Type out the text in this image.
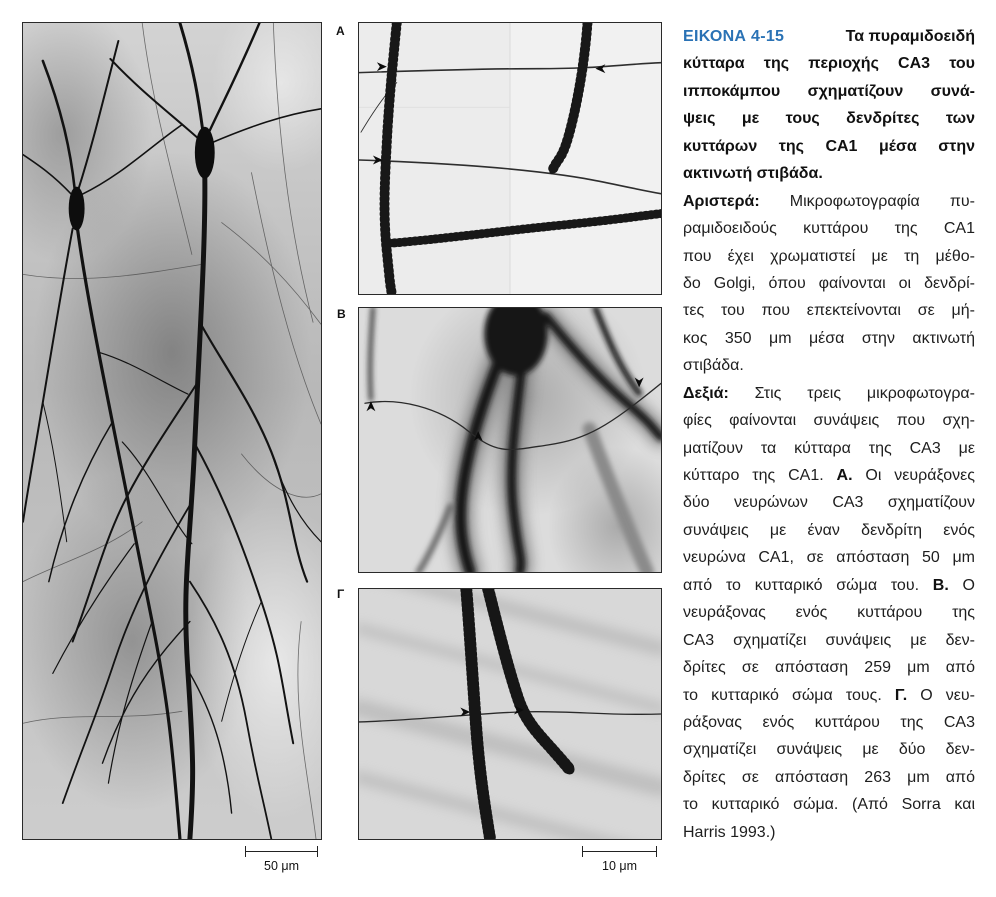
Α
Β
Γ
50 μm	10 μm
ΕΙΚΟΝΑ 4-15	Τα πυραμιδοειδή
κύτταρα της περιοχής CA3 του
ιπποκάμπου σχηματίζουν συνά-
ψεις με τους δενδρίτες των
κυττάρων της CA1 μέσα στην
ακτινωτή στιβάδα.
Αριστερά: Μικροφωτογραφία πυ-
ραμιδοειδούς κυττάρου της CA1
που έχει χρωματιστεί με τη μέθο-
δο Golgi, όπου φαίνονται οι δενδρί-
τες του που επεκτείνονται σε μή-
κος 350 μm μέσα στην ακτινωτή
στιβάδα.
Δεξιά: Στις τρεις μικροφωτογρα-
φίες φαίνονται συνάψεις που σχη-
ματίζουν τα κύτταρα της CA3 με
κύτταρο της CA1. Α. Οι νευράξονες
δύο νευρώνων CA3 σχηματίζουν
συνάψεις με έναν δενδρίτη ενός
νευρώνα CA1, σε απόσταση 50 μm
από το κυτταρικό σώμα του. Β. Ο
νευράξονας ενός κυττάρου της
CA3 σχηματίζει συνάψεις με δεν-
δρίτες σε απόσταση 259 μm από
το κυτταρικό σώμα τους. Γ. Ο νευ-
ράξονας ενός κυττάρου της CA3
σχηματίζει συνάψεις με δύο δεν-
δρίτες σε απόσταση 263 μm από
το κυτταρικό σώμα. (Από Sorra και
Harris 1993.)
